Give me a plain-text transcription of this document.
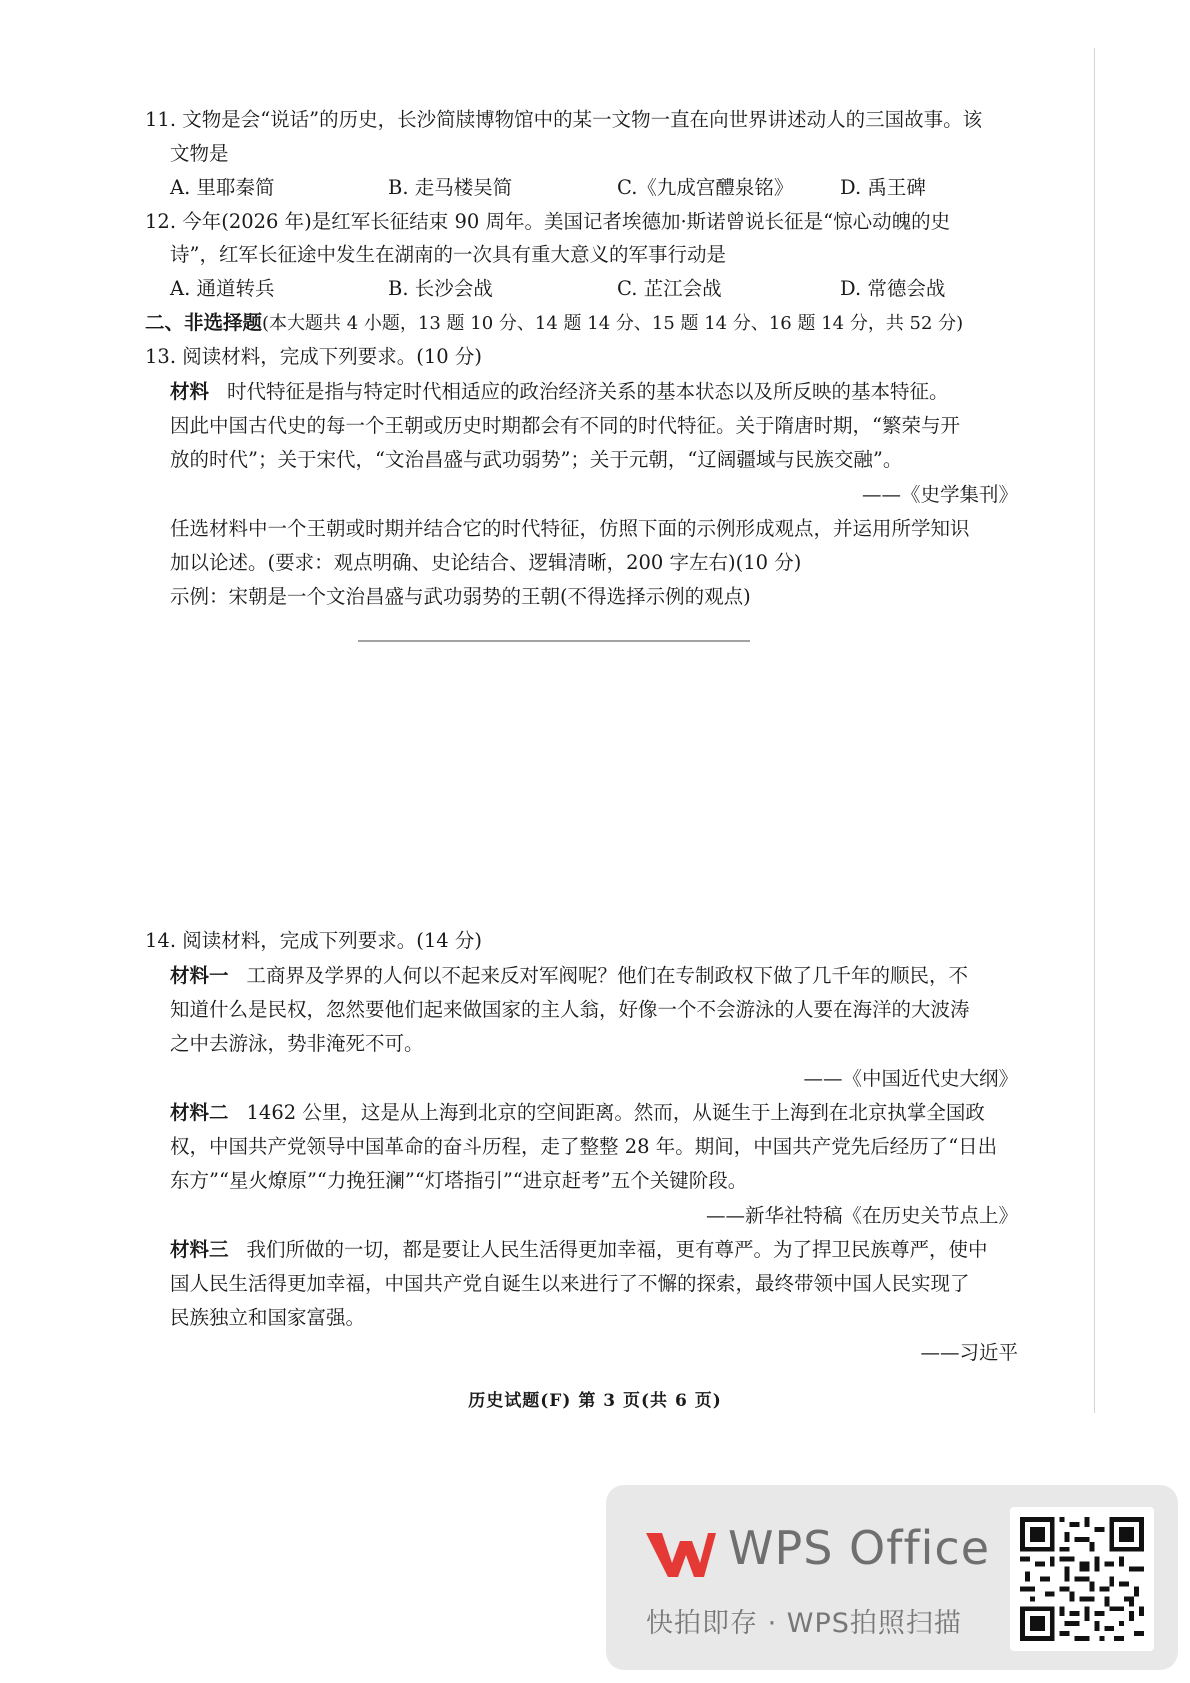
11. 文物是会“说话”的历史，长沙简牍博物馆中的某一文物一直在向世界讲述动人的三国故事。该
文物是
A. 里耶秦简	B. 走马楼吴简	C.《九成宫醴泉铭》 D. 禹王碑
12. 今年(2026 年)是红军长征结束 90 周年。美国记者埃德加·斯诺曾说长征是“惊心动魄的史
诗”，红军长征途中发生在湖南的一次具有重大意义的军事行动是
A. 通道转兵	B. 长沙会战	C. 芷江会战	D. 常德会战
二、非选择题(本大题共 4 小题，13 题 10 分、14 题 14 分、15 题 14 分、16 题 14 分，共 52 分)
13. 阅读材料，完成下列要求。(10 分)
材料 时代特征是指与特定时代相适应的政治经济关系的基本状态以及所反映的基本特征。
因此中国古代史的每一个王朝或历史时期都会有不同的时代特征。关于隋唐时期，“繁荣与开
放的时代”；关于宋代，“文治昌盛与武功弱势”；关于元朝，“辽阔疆域与民族交融”。
——《史学集刊》
任选材料中一个王朝或时期并结合它的时代特征，仿照下面的示例形成观点，并运用所学知识
加以论述。(要求：观点明确、史论结合、逻辑清晰，200 字左右)(10 分)
示例：宋朝是一个文治昌盛与武功弱势的王朝(不得选择示例的观点)
14. 阅读材料，完成下列要求。(14 分)
材料一 工商界及学界的人何以不起来反对军阀呢？他们在专制政权下做了几千年的顺民，不
知道什么是民权，忽然要他们起来做国家的主人翁，好像一个不会游泳的人要在海洋的大波涛
之中去游泳，势非淹死不可。
——《中国近代史大纲》
材料二 1462 公里，这是从上海到北京的空间距离。然而，从诞生于上海到在北京执掌全国政
权，中国共产党领导中国革命的奋斗历程，走了整整 28 年。期间，中国共产党先后经历了“日出
东方”“星火燎原”“力挽狂澜”“灯塔指引”“进京赶考”五个关键阶段。
——新华社特稿《在历史关节点上》
材料三 我们所做的一切，都是要让人民生活得更加幸福，更有尊严。为了捍卫民族尊严，使中
国人民生活得更加幸福，中国共产党自诞生以来进行了不懈的探索，最终带领中国人民实现了
民族独立和国家富强。
——习近平
历史试题(F) 第 3 页(共 6 页)
WPS Office
快拍即存 · WPS拍照扫描
